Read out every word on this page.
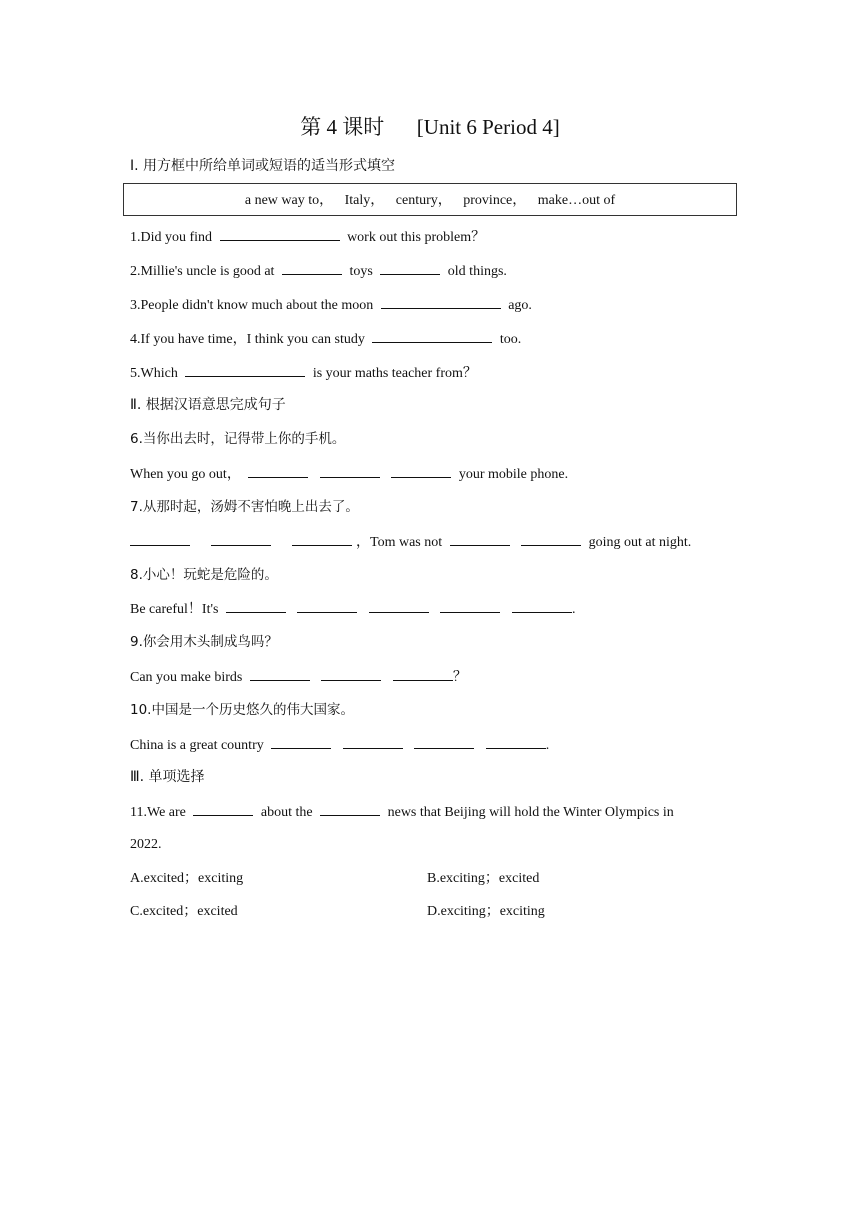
第 4 课时 [Unit 6 Period 4]
Ⅰ. 用方框中所给单词或短语的适当形式填空
a new way to， Italy， century， province， make…out of
1.Did you find	work out this problem？
2.Millie's uncle is good at	toys	old things.
3.People didn't know much about the moon	ago.
4.If you have time，I think you can study	too.
5.Which	is your maths teacher from？
Ⅱ. 根据汉语意思完成句子
6.当你出去时，记得带上你的手机。
When you go out，	your mobile phone.
7.从那时起，汤姆不害怕晚上出去了。
，Tom was not	going out at night.
8.小心！玩蛇是危险的。
Be careful！It's	.
9.你会用木头制成鸟吗？
Can you make birds	？
10.中国是一个历史悠久的伟大国家。
China is a great country	.
Ⅲ. 单项选择
11.We are	about the	news that Beijing will hold the Winter Olympics in
2022.
A.excited；exciting	B.exciting；excited
C.excited；excited	D.exciting；exciting
